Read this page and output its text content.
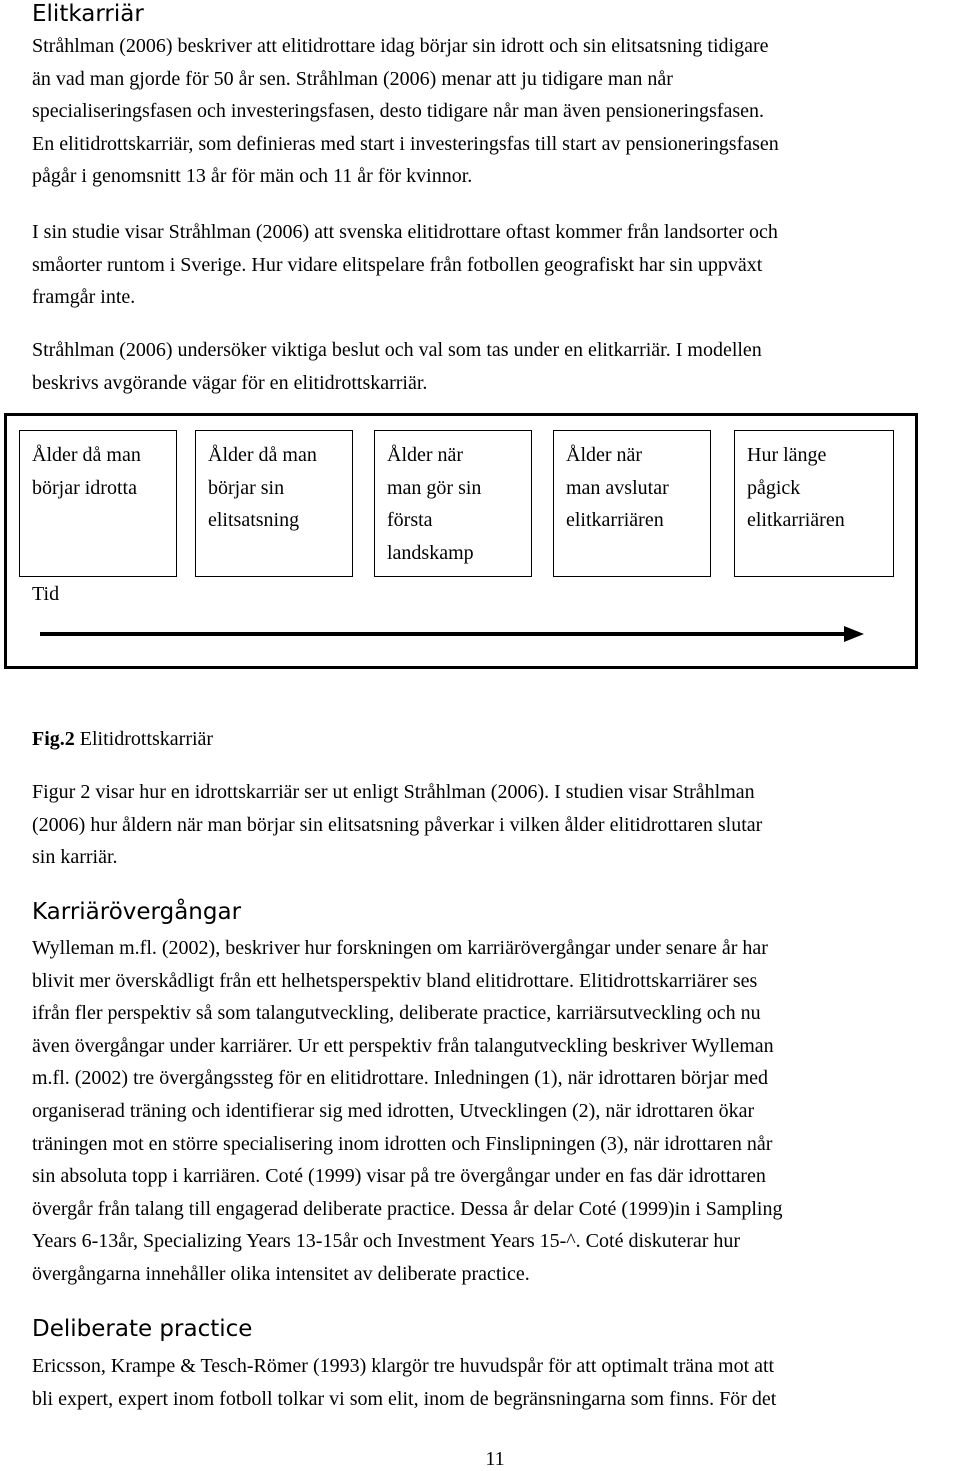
Elitkarriär

Stråhlman (2006) beskriver att elitidrottare idag börjar sin idrott och sin elitsatsning tidigare
än vad man gjorde för 50 år sen. Stråhlman (2006) menar att ju tidigare man når
specialiseringsfasen och investeringsfasen, desto tidigare når man även pensioneringsfasen.
En elitidrottskarriär, som definieras med start i investeringsfas till start av pensioneringsfasen
pågår i genomsnitt 13 år för män och 11 år för kvinnor.

I sin studie visar Stråhlman (2006) att svenska elitidrottare oftast kommer från landsorter och
småorter runtom i Sverige. Hur vidare elitspelare från fotbollen geografiskt har sin uppväxt
framgår inte.

Stråhlman (2006) undersöker viktiga beslut och val som tas under en elitkarriär. I modellen
beskrivs avgörande vägar för en elitidrottskarriär.

Ålder då man
börjar idrotta
Ålder då man
börjar sin
elitsatsning
Ålder när
man gör sin
första
landskamp
Ålder när
man avslutar
elitkarriären
Hur länge
pågick
elitkarriären
Tid

Fig.2 Elitidrottskarriär

Figur 2 visar hur en idrottskarriär ser ut enligt Stråhlman (2006). I studien visar Stråhlman
(2006) hur åldern när man börjar sin elitsatsning påverkar i vilken ålder elitidrottaren slutar
sin karriär.

Karriärövergångar

Wylleman m.fl. (2002), beskriver hur forskningen om karriärövergångar under senare år har
blivit mer överskådligt från ett helhetsperspektiv bland elitidrottare. Elitidrottskarriärer ses
ifrån fler perspektiv så som talangutveckling, deliberate practice, karriärsutveckling och nu
även övergångar under karriärer. Ur ett perspektiv från talangutveckling beskriver Wylleman
m.fl. (2002) tre övergångssteg för en elitidrottare. Inledningen (1), när idrottaren börjar med
organiserad träning och identifierar sig med idrotten, Utvecklingen (2), när idrottaren ökar
träningen mot en större specialisering inom idrotten och Finslipningen (3), när idrottaren når
sin absoluta topp i karriären. Coté (1999) visar på tre övergångar under en fas där idrottaren
övergår från talang till engagerad deliberate practice. Dessa år delar Coté (1999)in i Sampling
Years 6-13år, Specializing Years 13-15år och Investment Years 15-^. Coté diskuterar hur
övergångarna innehåller olika intensitet av deliberate practice.

Deliberate practice

Ericsson, Krampe & Tesch-Römer (1993) klargör tre huvudspår för att optimalt träna mot att
bli expert, expert inom fotboll tolkar vi som elit, inom de begränsningarna som finns. För det

11
